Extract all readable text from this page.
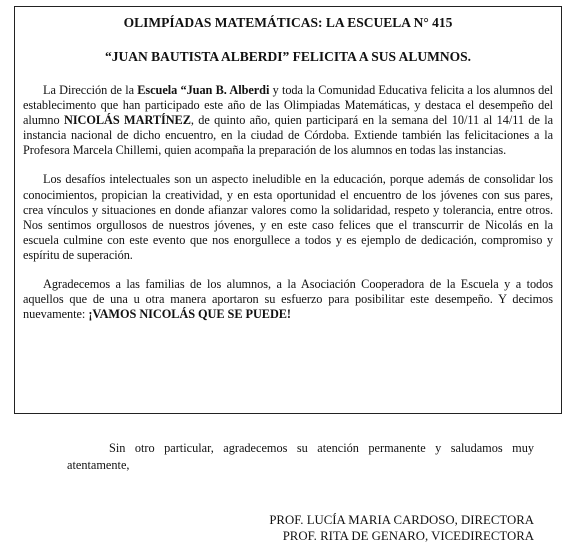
OLIMPÍADAS MATEMÁTICAS: LA ESCUELA N° 415
“JUAN BAUTISTA ALBERDI” FELICITA A SUS ALUMNOS.

La Dirección de la Escuela “Juan B. Alberdi y toda la Comunidad Educativa felicita a los alumnos del establecimento que han participado este año de las Olimpiadas Matemáticas, y destaca el desempeño del alumno NICOLÁS MARTÍNEZ, de quinto año, quien participará en la semana del 10/11 al 14/11 de la instancia nacional de dicho encuentro, en la ciudad de Córdoba. Extiende también las felicitaciones a la Profesora Marcela Chillemi, quien acompaña la preparación de los alumnos en todas las instancias.

Los desafíos intelectuales son un aspecto ineludible en la educación, porque además de consolidar los conocimientos, propician la creatividad, y en esta oportunidad el encuentro de los jóvenes con sus pares, crea vínculos y situaciones en donde afianzar valores como la solidaridad, respeto y tolerancia, entre otros. Nos sentimos orgullosos de nuestros jóvenes, y en este caso felices que el transcurrir de Nicolás en la escuela culmine con este evento que nos enorgullece a todos y es ejemplo de dedicación, compromiso y espíritu de superación.

Agradecemos a las familias de los alumnos, a la Asociación Cooperadora de la Escuela y a todos aquellos que de una u otra manera aportaron su esfuerzo para posibilitar este desempeño. Y decimos nuevamente: ¡VAMOS NICOLÁS QUE SE PUEDE!

Sin otro particular, agradecemos su atención permanente y saludamos muy atentamente,
PROF. LUCÍA MARIA CARDOSO, DIRECTORA
PROF. RITA DE GENARO, VICEDIRECTORA
